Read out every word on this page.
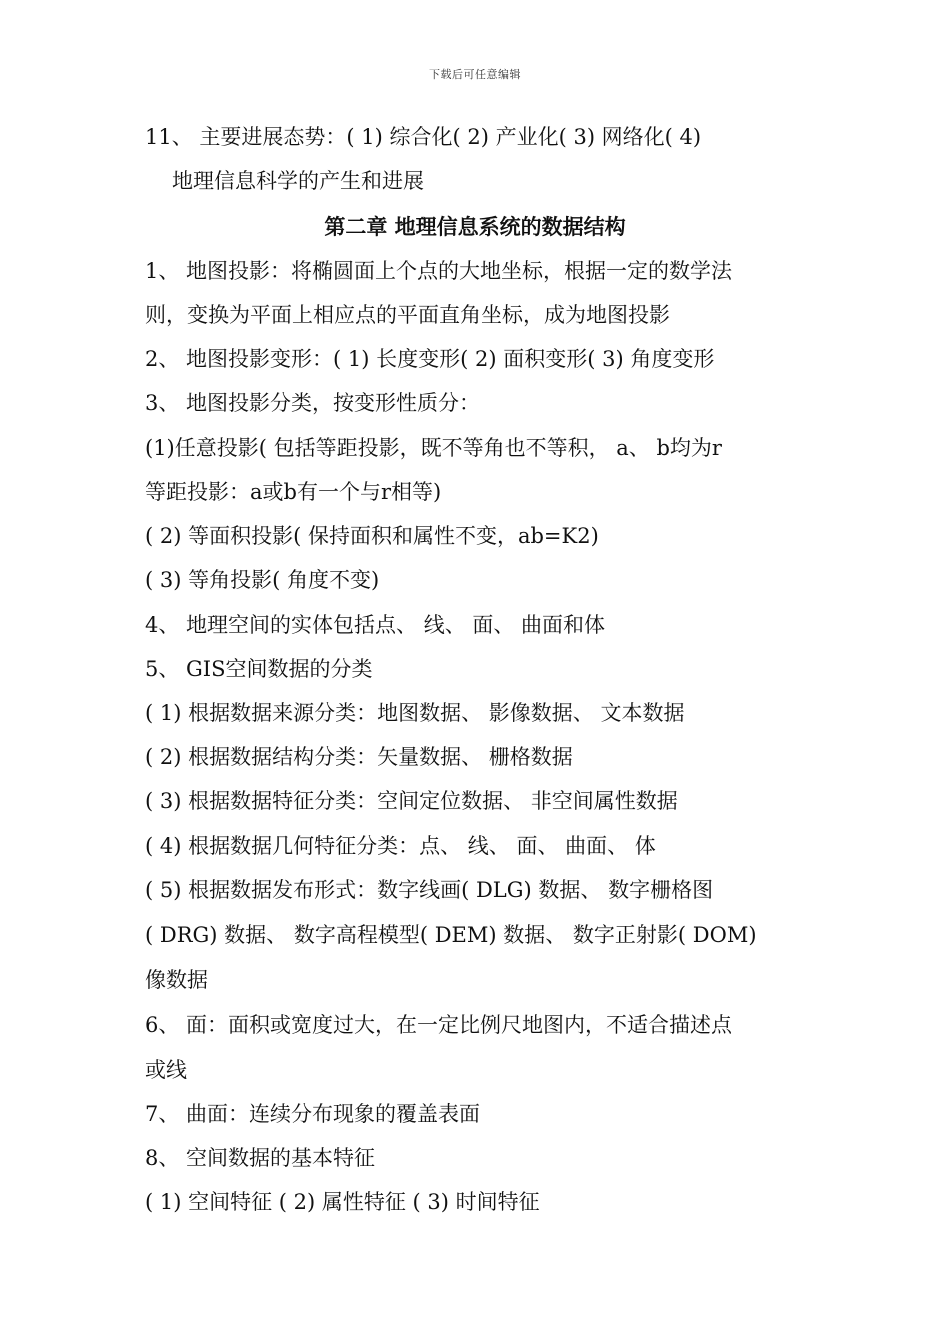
下载后可任意编辑
11、 主要进展态势：( 1) 综合化( 2) 产业化( 3) 网络化( 4)
地理信息科学的产生和进展
第二章 地理信息系统的数据结构
1、 地图投影：将椭圆面上个点的大地坐标，根据一定的数学法
则，变换为平面上相应点的平面直角坐标，成为地图投影
2、 地图投影变形：( 1) 长度变形( 2) 面积变形( 3) 角度变形
3、 地图投影分类，按变形性质分：
(1)任意投影( 包括等距投影，既不等角也不等积， a、 b均为r
等距投影：a或b有一个与r相等)
( 2) 等面积投影( 保持面积和属性不变，ab=K2)
( 3) 等角投影( 角度不变)
4、 地理空间的实体包括点、 线、 面、 曲面和体
5、 GIS空间数据的分类
( 1) 根据数据来源分类：地图数据、 影像数据、 文本数据
( 2) 根据数据结构分类：矢量数据、 栅格数据
( 3) 根据数据特征分类：空间定位数据、 非空间属性数据
( 4) 根据数据几何特征分类：点、 线、 面、 曲面、 体
( 5) 根据数据发布形式：数字线画( DLG) 数据、 数字栅格图
( DRG) 数据、 数字高程模型( DEM) 数据、 数字正射影( DOM)
像数据
6、 面：面积或宽度过大，在一定比例尺地图内，不适合描述点
或线
7、 曲面：连续分布现象的覆盖表面
8、 空间数据的基本特征
( 1) 空间特征 ( 2) 属性特征 ( 3) 时间特征
